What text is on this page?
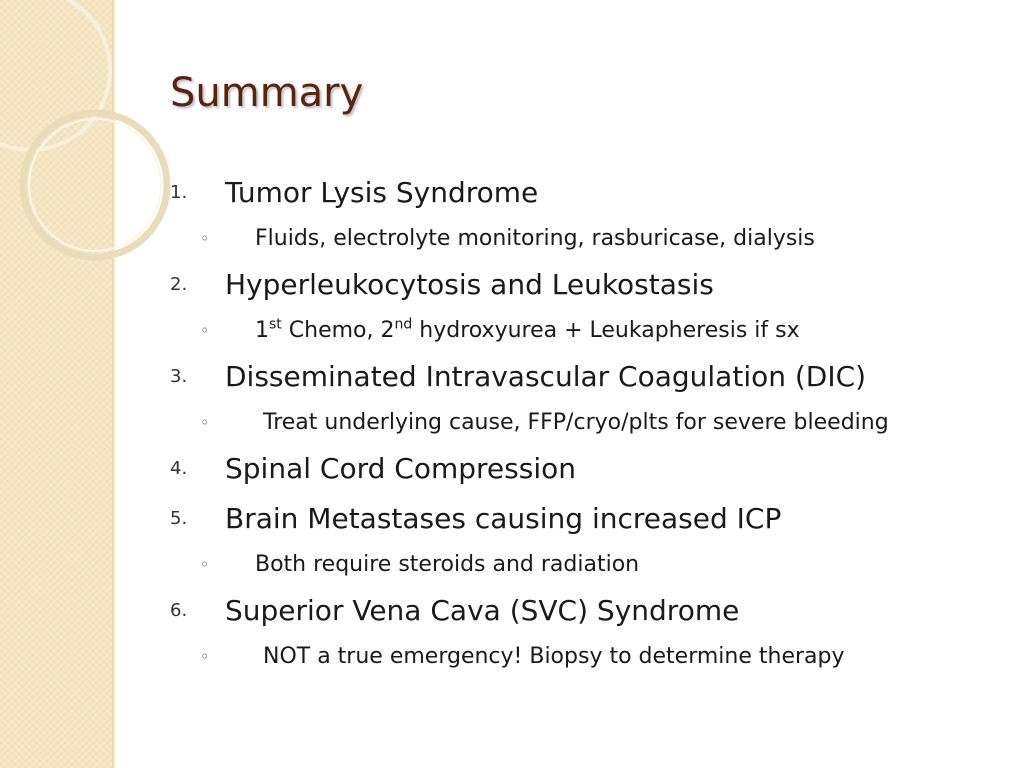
Summary
1.	Tumor Lysis Syndrome
◦	Fluids, electrolyte monitoring, rasburicase, dialysis
2.	Hyperleukocytosis and Leukostasis
◦	1st Chemo, 2nd hydroxyurea + Leukapheresis if sx
3.	Disseminated Intravascular Coagulation (DIC)
◦	Treat underlying cause, FFP/cryo/plts for severe bleeding
4.	Spinal Cord Compression
5.	Brain Metastases causing increased ICP
◦	Both require steroids and radiation
6.	Superior Vena Cava (SVC) Syndrome
◦	NOT a true emergency! Biopsy to determine therapy
